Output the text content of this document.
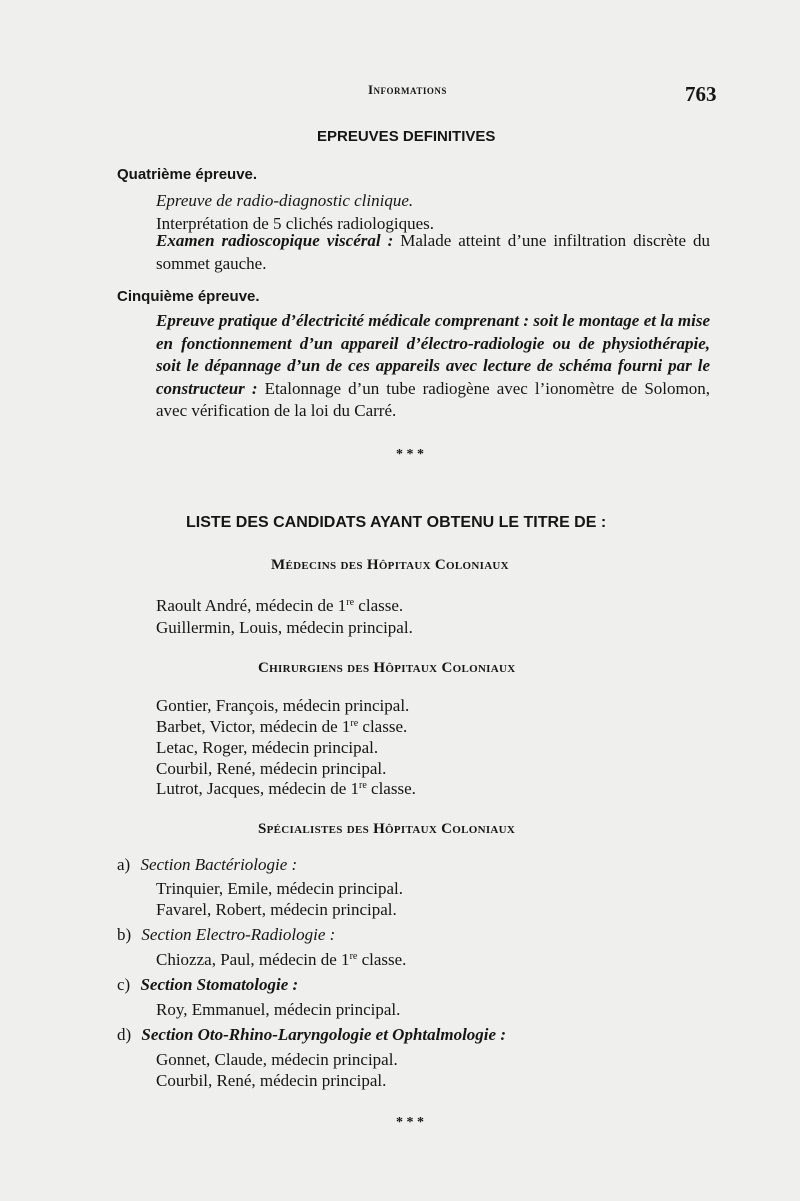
Informations	763
EPREUVES DEFINITIVES
Quatrième épreuve.
Epreuve de radio-diagnostic clinique.
Interprétation de 5 clichés radiologiques.
Examen radioscopique viscéral : Malade atteint d’une infiltration discrète du sommet gauche.
Cinquième épreuve.
Epreuve pratique d’électricité médicale comprenant : soit le montage et la mise en fonctionnement d’un appareil d’électro-radiologie ou de physiothérapie, soit le dépannage d’un de ces appareils avec lecture de schéma fourni par le constructeur : Etalonnage d’un tube radiogène avec l’ionomètre de Solomon, avec vérification de la loi du Carré.
* * *
LISTE DES CANDIDATS AYANT OBTENU LE TITRE DE :
Médecins des Hôpitaux Coloniaux
Raoult André, médecin de 1re classe.
Guillermin, Louis, médecin principal.
Chirurgiens des Hôpitaux Coloniaux
Gontier, François, médecin principal.
Barbet, Victor, médecin de 1re classe.
Letac, Roger, médecin principal.
Courbil, René, médecin principal.
Lutrot, Jacques, médecin de 1re classe.
Spécialistes des Hôpitaux Coloniaux
a) Section Bactériologie :
Trinquier, Emile, médecin principal.
Favarel, Robert, médecin principal.
b) Section Electro-Radiologie :
Chiozza, Paul, médecin de 1re classe.
c) Section Stomatologie :
Roy, Emmanuel, médecin principal.
d) Section Oto-Rhino-Laryngologie et Ophtalmologie :
Gonnet, Claude, médecin principal.
Courbil, René, médecin principal.
* * *
